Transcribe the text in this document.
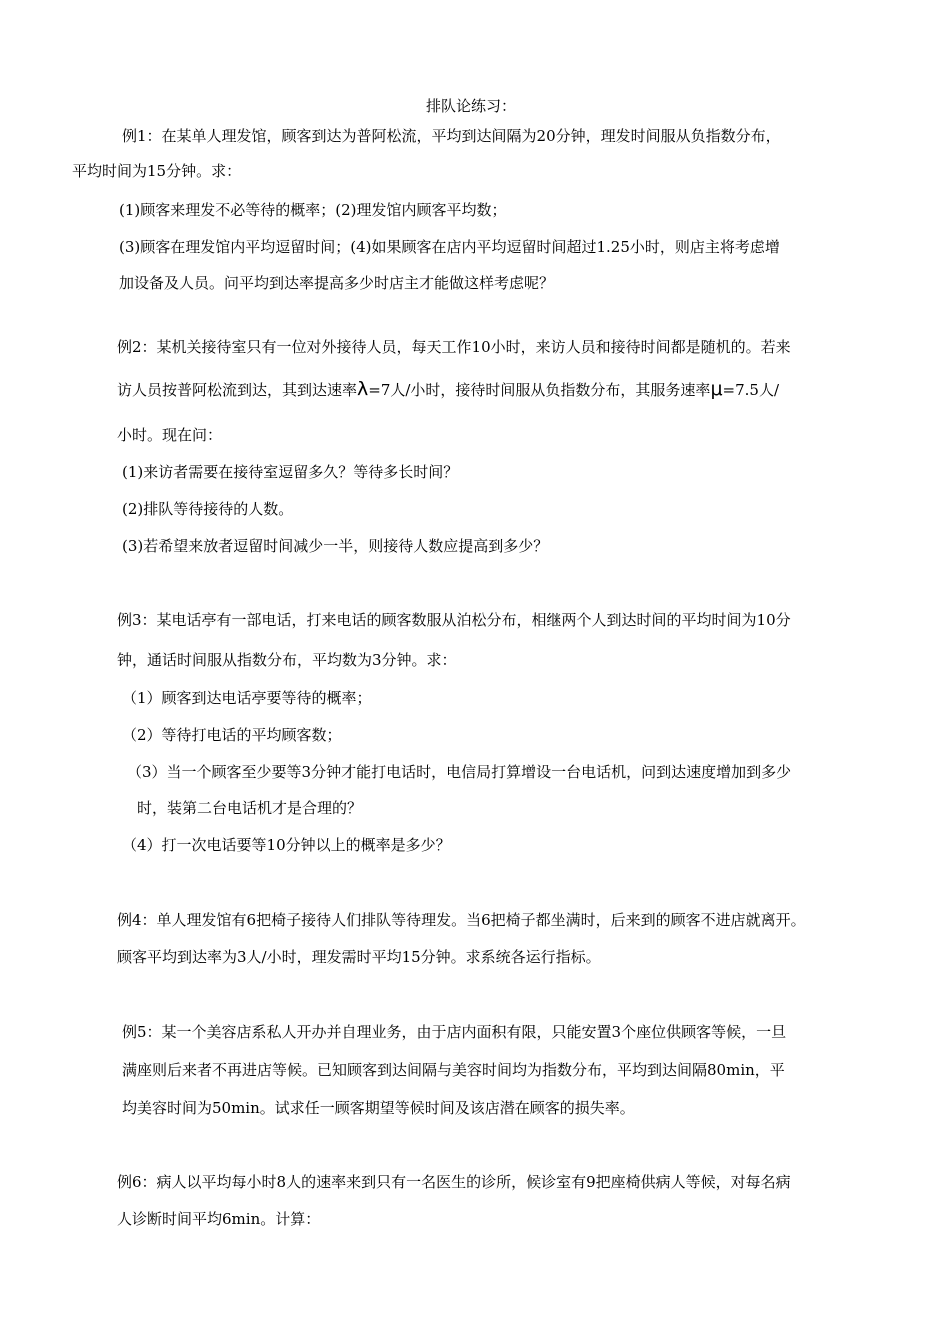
排队论练习：
例1：在某单人理发馆，顾客到达为普阿松流，平均到达间隔为20分钟，理发时间服从负指数分布，
平均时间为15分钟。求：
(1)顾客来理发不必等待的概率；(2)理发馆内顾客平均数；
(3)顾客在理发馆内平均逗留时间；(4)如果顾客在店内平均逗留时间超过1.25小时，则店主将考虑增
加设备及人员。问平均到达率提高多少时店主才能做这样考虑呢？
例2：某机关接待室只有一位对外接待人员，每天工作10小时，来访人员和接待时间都是随机的。若来
访人员按普阿松流到达，其到达速率λ=7人/小时，接待时间服从负指数分布，其服务速率μ=7.5人/
小时。现在问：
(1)来访者需要在接待室逗留多久？等待多长时间？
(2)排队等待接待的人数。
(3)若希望来放者逗留时间减少一半，则接待人数应提高到多少？
例3：某电话亭有一部电话，打来电话的顾客数服从泊松分布，相继两个人到达时间的平均时间为10分
钟，通话时间服从指数分布，平均数为3分钟。求：
（1）顾客到达电话亭要等待的概率；
（2）等待打电话的平均顾客数；
（3）当一个顾客至少要等3分钟才能打电话时，电信局打算增设一台电话机，问到达速度增加到多少
时，装第二台电话机才是合理的？
（4）打一次电话要等10分钟以上的概率是多少？
例4：单人理发馆有6把椅子接待人们排队等待理发。当6把椅子都坐满时，后来到的顾客不进店就离开。
顾客平均到达率为3人/小时，理发需时平均15分钟。求系统各运行指标。
例5：某一个美容店系私人开办并自理业务，由于店内面积有限，只能安置3个座位供顾客等候，一旦
满座则后来者不再进店等候。已知顾客到达间隔与美容时间均为指数分布，平均到达间隔80min，平
均美容时间为50min。试求任一顾客期望等候时间及该店潜在顾客的损失率。
例6：病人以平均每小时8人的速率来到只有一名医生的诊所，候诊室有9把座椅供病人等候，对每名病
人诊断时间平均6min。计算：
